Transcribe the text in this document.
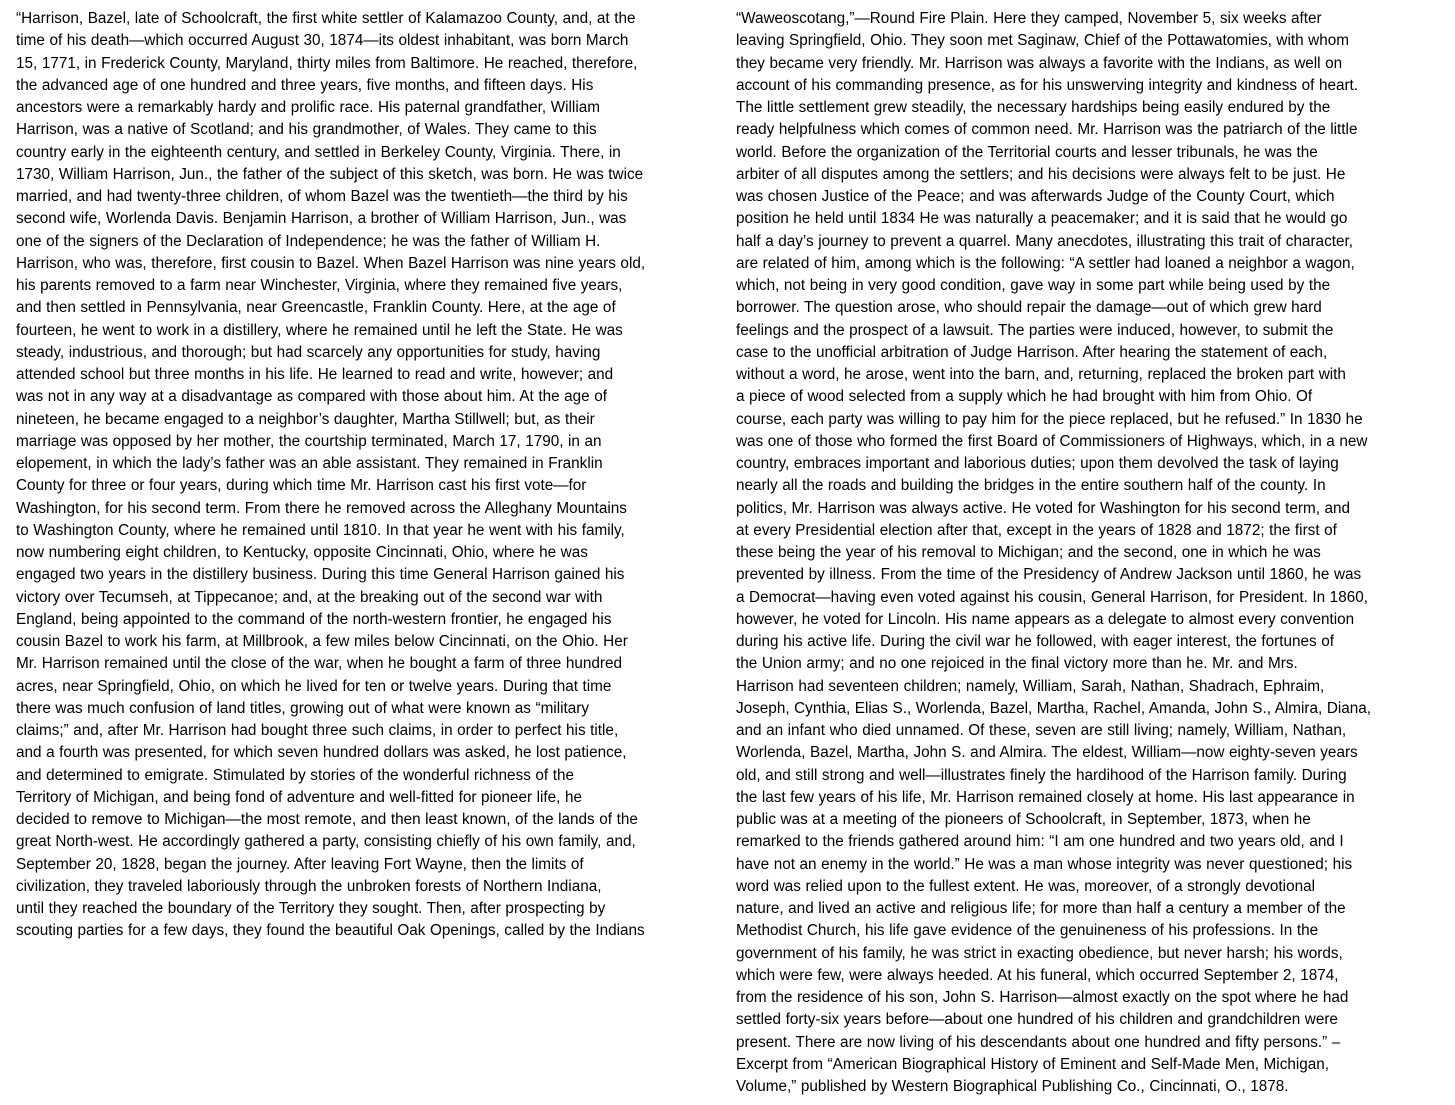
“Harrison, Bazel, late of Schoolcraft, the first white settler of Kalamazoo County, and, at the
time of his death—which occurred August 30, 1874—its oldest inhabitant, was born March
15, 1771, in Frederick County, Maryland, thirty miles from Baltimore. He reached, therefore,
the advanced age of one hundred and three years, five months, and fifteen days. His
ancestors were a remarkably hardy and prolific race. His paternal grandfather, William
Harrison, was a native of Scotland; and his grandmother, of Wales. They came to this
country early in the eighteenth century, and settled in Berkeley County, Virginia. There, in
1730, William Harrison, Jun., the father of the subject of this sketch, was born. He was twice
married, and had twenty-three children, of whom Bazel was the twentieth—the third by his
second wife, Worlenda Davis. Benjamin Harrison, a brother of William Harrison, Jun., was
one of the signers of the Declaration of Independence; he was the father of William H.
Harrison, who was, therefore, first cousin to Bazel. When Bazel Harrison was nine years old,
his parents removed to a farm near Winchester, Virginia, where they remained five years,
and then settled in Pennsylvania, near Greencastle, Franklin County. Here, at the age of
fourteen, he went to work in a distillery, where he remained until he left the State. He was
steady, industrious, and thorough; but had scarcely any opportunities for study, having
attended school but three months in his life. He learned to read and write, however; and
was not in any way at a disadvantage as compared with those about him. At the age of
nineteen, he became engaged to a neighbor’s daughter, Martha Stillwell; but, as their
marriage was opposed by her mother, the courtship terminated, March 17, 1790, in an
elopement, in which the lady’s father was an able assistant. They remained in Franklin
County for three or four years, during which time Mr. Harrison cast his first vote—for
Washington, for his second term. From there he removed across the Alleghany Mountains
to Washington County, where he remained until 1810. In that year he went with his family,
now numbering eight children, to Kentucky, opposite Cincinnati, Ohio, where he was
engaged two years in the distillery business. During this time General Harrison gained his
victory over Tecumseh, at Tippecanoe; and, at the breaking out of the second war with
England, being appointed to the command of the north-western frontier, he engaged his
cousin Bazel to work his farm, at Millbrook, a few miles below Cincinnati, on the Ohio. Her
Mr. Harrison remained until the close of the war, when he bought a farm of three hundred
acres, near Springfield, Ohio, on which he lived for ten or twelve years. During that time
there was much confusion of land titles, growing out of what were known as “military
claims;” and, after Mr. Harrison had bought three such claims, in order to perfect his title,
and a fourth was presented, for which seven hundred dollars was asked, he lost patience,
and determined to emigrate. Stimulated by stories of the wonderful richness of the
Territory of Michigan, and being fond of adventure and well-fitted for pioneer life, he
decided to remove to Michigan—the most remote, and then least known, of the lands of the
great North-west. He accordingly gathered a party, consisting chiefly of his own family, and,
September 20, 1828, began the journey. After leaving Fort Wayne, then the limits of
civilization, they traveled laboriously through the unbroken forests of Northern Indiana,
until they reached the boundary of the Territory they sought. Then, after prospecting by
scouting parties for a few days, they found the beautiful Oak Openings, called by the Indians
“Waweoscotang,”—Round Fire Plain. Here they camped, November 5, six weeks after
leaving Springfield, Ohio. They soon met Saginaw, Chief of the Pottawatomies, with whom
they became very friendly. Mr. Harrison was always a favorite with the Indians, as well on
account of his commanding presence, as for his unswerving integrity and kindness of heart.
The little settlement grew steadily, the necessary hardships being easily endured by the
ready helpfulness which comes of common need. Mr. Harrison was the patriarch of the little
world. Before the organization of the Territorial courts and lesser tribunals, he was the
arbiter of all disputes among the settlers; and his decisions were always felt to be just. He
was chosen Justice of the Peace; and was afterwards Judge of the County Court, which
position he held until 1834 He was naturally a peacemaker; and it is said that he would go
half a day’s journey to prevent a quarrel. Many anecdotes, illustrating this trait of character,
are related of him, among which is the following: “A settler had loaned a neighbor a wagon,
which, not being in very good condition, gave way in some part while being used by the
borrower. The question arose, who should repair the damage—out of which grew hard
feelings and the prospect of a lawsuit. The parties were induced, however, to submit the
case to the unofficial arbitration of Judge Harrison. After hearing the statement of each,
without a word, he arose, went into the barn, and, returning, replaced the broken part with
a piece of wood selected from a supply which he had brought with him from Ohio. Of
course, each party was willing to pay him for the piece replaced, but he refused.” In 1830 he
was one of those who formed the first Board of Commissioners of Highways, which, in a new
country, embraces important and laborious duties; upon them devolved the task of laying
nearly all the roads and building the bridges in the entire southern half of the county. In
politics, Mr. Harrison was always active. He voted for Washington for his second term, and
at every Presidential election after that, except in the years of 1828 and 1872; the first of
these being the year of his removal to Michigan; and the second, one in which he was
prevented by illness. From the time of the Presidency of Andrew Jackson until 1860, he was
a Democrat—having even voted against his cousin, General Harrison, for President. In 1860,
however, he voted for Lincoln. His name appears as a delegate to almost every convention
during his active life. During the civil war he followed, with eager interest, the fortunes of
the Union army; and no one rejoiced in the final victory more than he. Mr. and Mrs.
Harrison had seventeen children; namely, William, Sarah, Nathan, Shadrach, Ephraim,
Joseph, Cynthia, Elias S., Worlenda, Bazel, Martha, Rachel, Amanda, John S., Almira, Diana,
and an infant who died unnamed. Of these, seven are still living; namely, William, Nathan,
Worlenda, Bazel, Martha, John S. and Almira. The eldest, William—now eighty-seven years
old, and still strong and well—illustrates finely the hardihood of the Harrison family. During
the last few years of his life, Mr. Harrison remained closely at home. His last appearance in
public was at a meeting of the pioneers of Schoolcraft, in September, 1873, when he
remarked to the friends gathered around him: “I am one hundred and two years old, and I
have not an enemy in the world.” He was a man whose integrity was never questioned; his
word was relied upon to the fullest extent. He was, moreover, of a strongly devotional
nature, and lived an active and religious life; for more than half a century a member of the
Methodist Church, his life gave evidence of the genuineness of his professions. In the
government of his family, he was strict in exacting obedience, but never harsh; his words,
which were few, were always heeded. At his funeral, which occurred September 2, 1874,
from the residence of his son, John S. Harrison—almost exactly on the spot where he had
settled forty-six years before—about one hundred of his children and grandchildren were
present. There are now living of his descendants about one hundred and fifty persons.” –
Excerpt from “American Biographical History of Eminent and Self-Made Men, Michigan,
Volume,” published by Western Biographical Publishing Co., Cincinnati, O., 1878.
